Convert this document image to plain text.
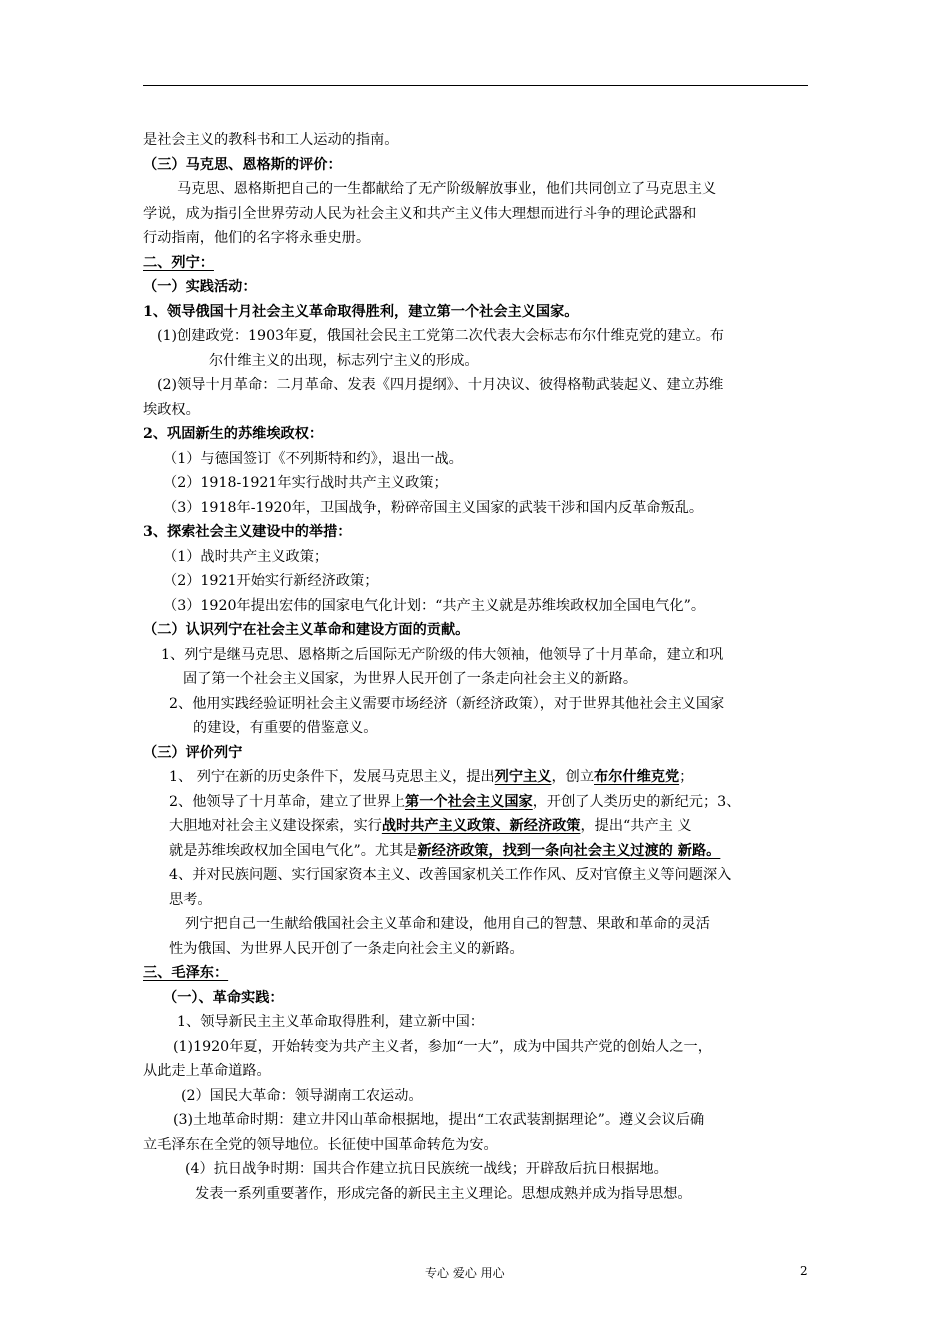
是社会主义的教科书和工人运动的指南。
（三）马克思、恩格斯的评价：
马克思、恩格斯把自己的一生都献给了无产阶级解放事业，他们共同创立了马克思主义
学说，成为指引全世界劳动人民为社会主义和共产主义伟大理想而进行斗争的理论武器和
行动指南，他们的名字将永垂史册。
二、列宁：
（一）实践活动：
1、领导俄国十月社会主义革命取得胜利，建立第一个社会主义国家。
(1)创建政党：1903年夏，俄国社会民主工党第二次代表大会标志布尔什维克党的建立。布
尔什维主义的出现，标志列宁主义的形成。
(2)领导十月革命：二月革命、发表《四月提纲》、十月决议、彼得格勒武装起义、建立苏维
埃政权。
2、巩固新生的苏维埃政权：
（1）与德国签订《不列斯特和约》，退出一战。
（2）1918-1921年实行战时共产主义政策；
（3）1918年-1920年，卫国战争，粉碎帝国主义国家的武装干涉和国内反革命叛乱。
3、探索社会主义建设中的举措：
（1）战时共产主义政策；
（2）1921开始实行新经济政策；
（3）1920年提出宏伟的国家电气化计划：“共产主义就是苏维埃政权加全国电气化”。
（二）认识列宁在社会主义革命和建设方面的贡献。
1、列宁是继马克思、恩格斯之后国际无产阶级的伟大领袖，他领导了十月革命，建立和巩
固了第一个社会主义国家，为世界人民开创了一条走向社会主义的新路。
2、他用实践经验证明社会主义需要市场经济（新经济政策），对于世界其他社会主义国家
的建设，有重要的借鉴意义。
（三）评价列宁
1、 列宁在新的历史条件下，发展马克思主义，提出列宁主义，创立布尔什维克党；
2、他领导了十月革命，建立了世界上第一个社会主义国家，开创了人类历史的新纪元；3、
大胆地对社会主义建设探索，实行战时共产主义政策、新经济政策，提出“共产主 义
就是苏维埃政权加全国电气化”。尤其是新经济政策，找到一条向社会主义过渡的 新路。
4、并对民族问题、实行国家资本主义、改善国家机关工作作风、反对官僚主义等问题深入
思考。
列宁把自己一生献给俄国社会主义革命和建设，他用自己的智慧、果敢和革命的灵活
性为俄国、为世界人民开创了一条走向社会主义的新路。
三、毛泽东：
（一）、革命实践：
1、领导新民主主义革命取得胜利，建立新中国：
(1)1920年夏，开始转变为共产主义者，参加“一大”，成为中国共产党的创始人之一，
从此走上革命道路。
(2）国民大革命：领导湖南工农运动。
(3)土地革命时期：建立井冈山革命根据地，提出“工农武装割据理论”。遵义会议后确
立毛泽东在全党的领导地位。长征使中国革命转危为安。
(4）抗日战争时期：国共合作建立抗日民族统一战线；开辟敌后抗日根据地。
发表一系列重要著作，形成完备的新民主主义理论。思想成熟并成为指导思想。
专心 爱心 用心	2
